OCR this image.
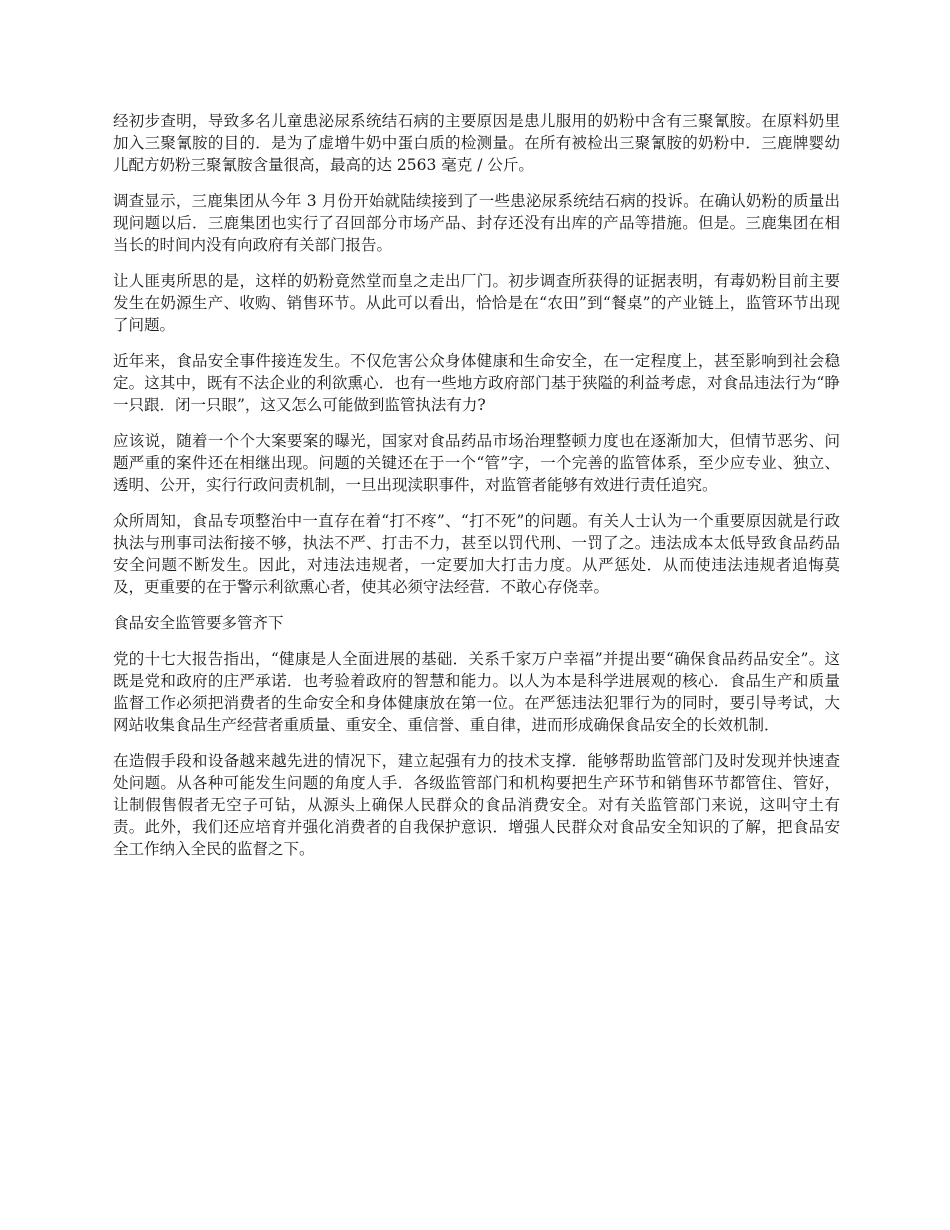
经初步查明，导致多名儿童患泌尿系统结石病的主要原因是患儿服用的奶粉中含有三聚氰胺。在原料奶里加入三聚氰胺的目的．是为了虚增牛奶中蛋白质的检测量。在所有被检出三聚氰胺的奶粉中．三鹿牌婴幼儿配方奶粉三聚氰胺含量很高，最高的达 2563 毫克 / 公斤。

调查显示，三鹿集团从今年 3 月份开始就陆续接到了一些患泌尿系统结石病的投诉。在确认奶粉的质量出现问题以后．三鹿集团也实行了召回部分市场产品、封存还没有出库的产品等措施。但是。三鹿集团在相当长的时间内没有向政府有关部门报告。

让人匪夷所思的是，这样的奶粉竟然堂而皇之走出厂门。初步调查所获得的证据表明，有毒奶粉目前主要发生在奶源生产、收购、销售环节。从此可以看出，恰恰是在“农田”到“餐桌”的产业链上，监管环节出现了问题。

近年来，食品安全事件接连发生。不仅危害公众身体健康和生命安全，在一定程度上，甚至影响到社会稳定。这其中，既有不法企业的利欲熏心．也有一些地方政府部门基于狭隘的利益考虑，对食品违法行为“睁一只跟．闭一只眼”，这又怎么可能做到监管执法有力?

应该说，随着一个个大案要案的曝光，国家对食品药品市场治理整顿力度也在逐渐加大，但情节恶劣、问题严重的案件还在相继出现。问题的关键还在于一个“管”字，一个完善的监管体系，至少应专业、独立、透明、公开，实行行政问责机制，一旦出现渎职事件，对监管者能够有效进行责任追究。

众所周知，食品专项整治中一直存在着“打不疼”、“打不死”的问题。有关人士认为一个重要原因就是行政执法与刑事司法衔接不够，执法不严、打击不力，甚至以罚代刑、一罚了之。违法成本太低导致食品药品安全问题不断发生。因此，对违法违规者，一定要加大打击力度。从严惩处．从而使违法违规者追悔莫及，更重要的在于警示利欲熏心者，使其必须守法经营．不敢心存侥幸。

食品安全监管要多管齐下

党的十七大报告指出，“健康是人全面进展的基础．关系千家万户幸福”并提出要“确保食品药品安全”。这既是党和政府的庄严承诺．也考验着政府的智慧和能力。以人为本是科学进展观的核心．食品生产和质量监督工作必须把消费者的生命安全和身体健康放在第一位。在严惩违法犯罪行为的同时，要引导考试，大网站收集食品生产经营者重质量、重安全、重信誉、重自律，进而形成确保食品安全的长效机制．

在造假手段和设备越来越先进的情况下，建立起强有力的技术支撑．能够帮助监管部门及时发现并快速查处问题。从各种可能发生问题的角度人手．各级监管部门和机构要把生产环节和销售环节都管住、管好，让制假售假者无空子可钻，从源头上确保人民群众的食品消费安全。对有关监管部门来说，这叫守土有责。此外，我们还应培育并强化消费者的自我保护意识．增强人民群众对食品安全知识的了解，把食品安全工作纳入全民的监督之下。
